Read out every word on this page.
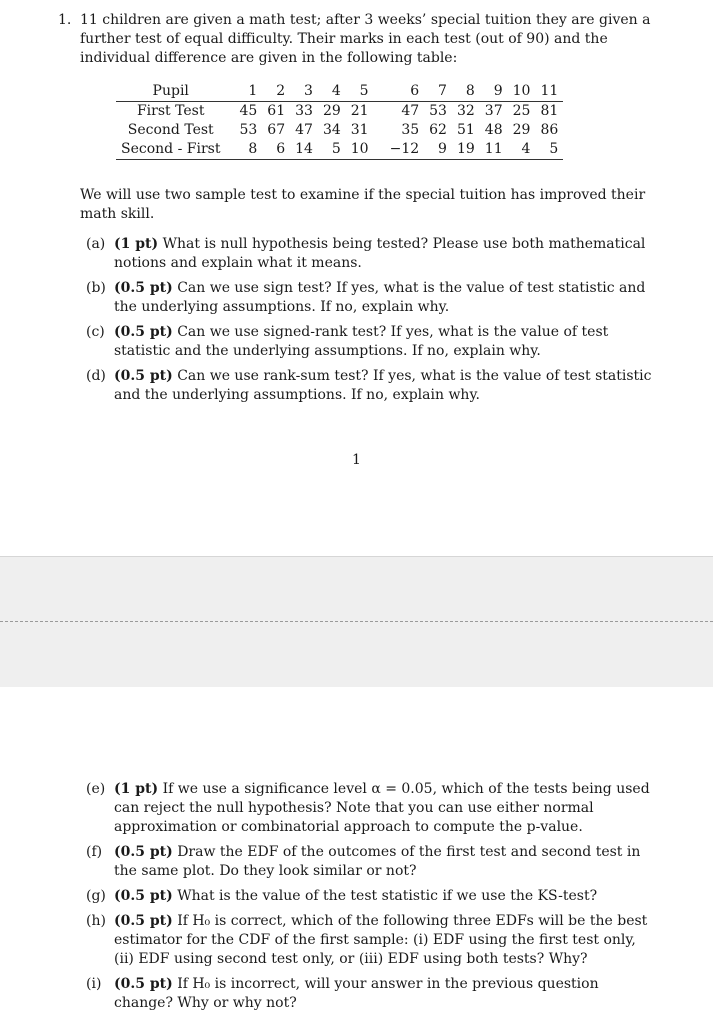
1. 11 children are given a math test; after 3 weeks’ special tuition they are given a further test of equal difficulty. Their marks in each test (out of 90) and the individual difference are given in the following table:
Pupil	1	2	3	4	5	6	7	8	9	10	11
First Test	45	61	33	29	21	47	53	32	37	25	81
Second Test	53	67	47	34	31	35	62	51	48	29	86
Second - First	8	6	14	5	10	−12	9	19	11	4	5
We will use two sample test to examine if the special tuition has improved their math skill.
(a) (1 pt) What is null hypothesis being tested? Please use both mathematical notions and explain what it means.
(b) (0.5 pt) Can we use sign test? If yes, what is the value of test statistic and the underlying assumptions. If no, explain why.
(c) (0.5 pt) Can we use signed-rank test? If yes, what is the value of test statistic and the underlying assumptions. If no, explain why.
(d) (0.5 pt) Can we use rank-sum test? If yes, what is the value of test statistic and the underlying assumptions. If no, explain why.
1
(e) (1 pt) If we use a significance level α = 0.05, which of the tests being used can reject the null hypothesis? Note that you can use either normal approximation or combinatorial approach to compute the p-value.
(f) (0.5 pt) Draw the EDF of the outcomes of the first test and second test in the same plot. Do they look similar or not?
(g) (0.5 pt) What is the value of the test statistic if we use the KS-test?
(h) (0.5 pt) If H₀ is correct, which of the following three EDFs will be the best estimator for the CDF of the first sample: (i) EDF using the first test only, (ii) EDF using second test only, or (iii) EDF using both tests? Why?
(i) (0.5 pt) If H₀ is incorrect, will your answer in the previous question change? Why or why not?
